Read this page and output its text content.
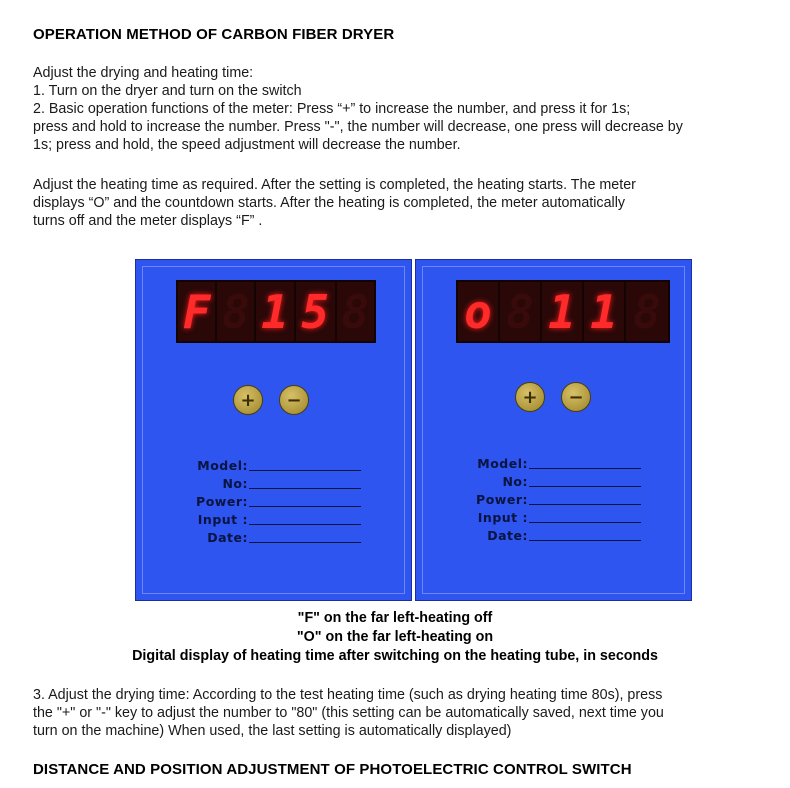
OPERATION METHOD OF CARBON FIBER DRYER
Adjust the drying and heating time:
1. Turn on the dryer and turn on the switch
2. Basic operation functions of the meter: Press “+” to increase the number, and press it for 1s;
press and hold to increase the number. Press "-", the number will decrease, one press will decrease by
1s; press and hold, the speed adjustment will decrease the number.
Adjust the heating time as required. After the setting is completed, the heating starts. The meter
displays “O” and the countdown starts. After the heating is completed, the meter automatically
turns off and the meter displays “F” .
F 8 1 5 8
+	−
Model:
No:
Power:
Input :
Date:
o 8 1 1 8
+	−
Model:
No:
Power:
Input :
Date:
"F" on the far left-heating off
"O" on the far left-heating on
Digital display of heating time after switching on the heating tube, in seconds
3. Adjust the drying time: According to the test heating time (such as drying heating time 80s), press
the "+" or "-" key to adjust the number to "80" (this setting can be automatically saved, next time you
turn on the machine) When used, the last setting is automatically displayed)
DISTANCE AND POSITION ADJUSTMENT OF PHOTOELECTRIC CONTROL SWITCH
